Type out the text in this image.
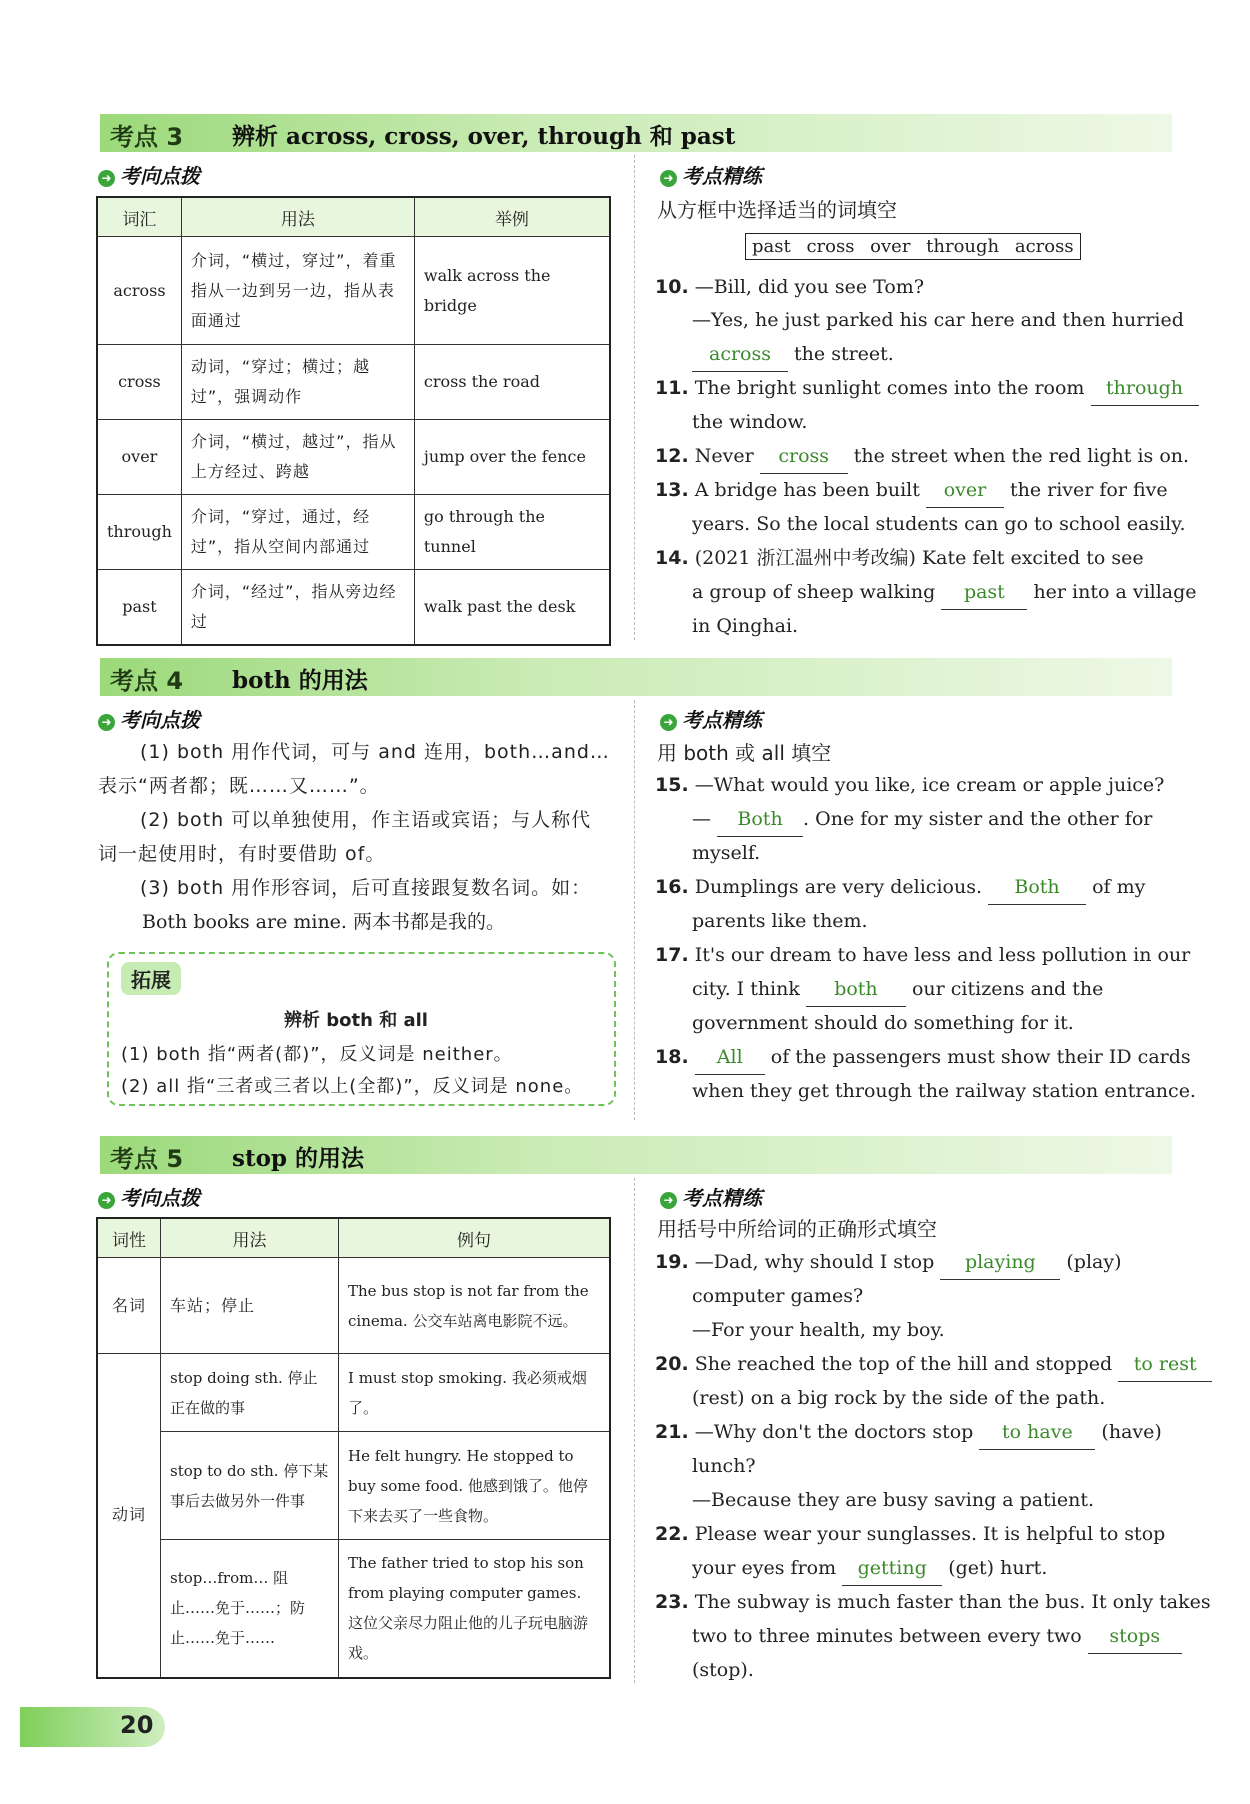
考点 3 辨析 across, cross, over, through 和 past
➜ 考向点拨	➜ 考点精练
词汇	用法	举例
across	介词，“横过，穿过”，着重指从一边到另一边，指从表面通过	walk across the bridge
cross	动词，“穿过；横过；越过”，强调动作	cross the road
over	介词，“横过，越过”，指从上方经过、跨越	jump over the fence
through	介词，“穿过，通过，经过”，指从空间内部通过	go through the tunnel
past	介词，“经过”，指从旁边经过	walk past the desk
从方框中选择适当的词填空
past cross over through across
10. —Bill, did you see Tom?
—Yes, he just parked his car here and then hurried
across the street.
11. The bright sunlight comes into the room through
the window.
12. Never cross the street when the red light is on.
13. A bridge has been built over the river for five
years. So the local students can go to school easily.
14. (2021 浙江温州中考改编) Kate felt excited to see
a group of sheep walking past her into a village
in Qinghai.
考点 4 both 的用法
➜ 考向点拨	➜ 考点精练
(1) both 用作代词，可与 and 连用，both…and…
表示“两者都；既……又……”。
(2) both 可以单独使用，作主语或宾语；与人称代
词一起使用时，有时要借助 of。
(3) both 用作形容词，后可直接跟复数名词。如：
Both books are mine. 两本书都是我的。
拓展
辨析 both 和 all
(1) both 指“两者(都)”，反义词是 neither。
(2) all 指“三者或三者以上(全都)”，反义词是 none。
用 both 或 all 填空
15. —What would you like, ice cream or apple juice?
— Both . One for my sister and the other for
myself.
16. Dumplings are very delicious. Both of my
parents like them.
17. It's our dream to have less and less pollution in our
city. I think both our citizens and the
government should do something for it.
18. All of the passengers must show their ID cards
when they get through the railway station entrance.
考点 5 stop 的用法
➜ 考向点拨	➜ 考点精练
词性	用法	例句
名词	车站；停止	The bus stop is not far from the cinema. 公交车站离电影院不远。
动词	stop doing sth. 停止正在做的事	I must stop smoking. 我必须戒烟了。
	stop to do sth. 停下某事后去做另外一件事	He felt hungry. He stopped to buy some food. 他感到饿了。他停下来去买了一些食物。
	stop…from… 阻止……免于……；防止……免于……	The father tried to stop his son from playing computer games. 这位父亲尽力阻止他的儿子玩电脑游戏。
用括号中所给词的正确形式填空
19. —Dad, why should I stop playing (play)
computer games?
—For your health, my boy.
20. She reached the top of the hill and stopped to rest
(rest) on a big rock by the side of the path.
21. —Why don't the doctors stop to have (have)
lunch?
—Because they are busy saving a patient.
22. Please wear your sunglasses. It is helpful to stop
your eyes from getting (get) hurt.
23. The subway is much faster than the bus. It only takes
two to three minutes between every two stops
(stop).
20
